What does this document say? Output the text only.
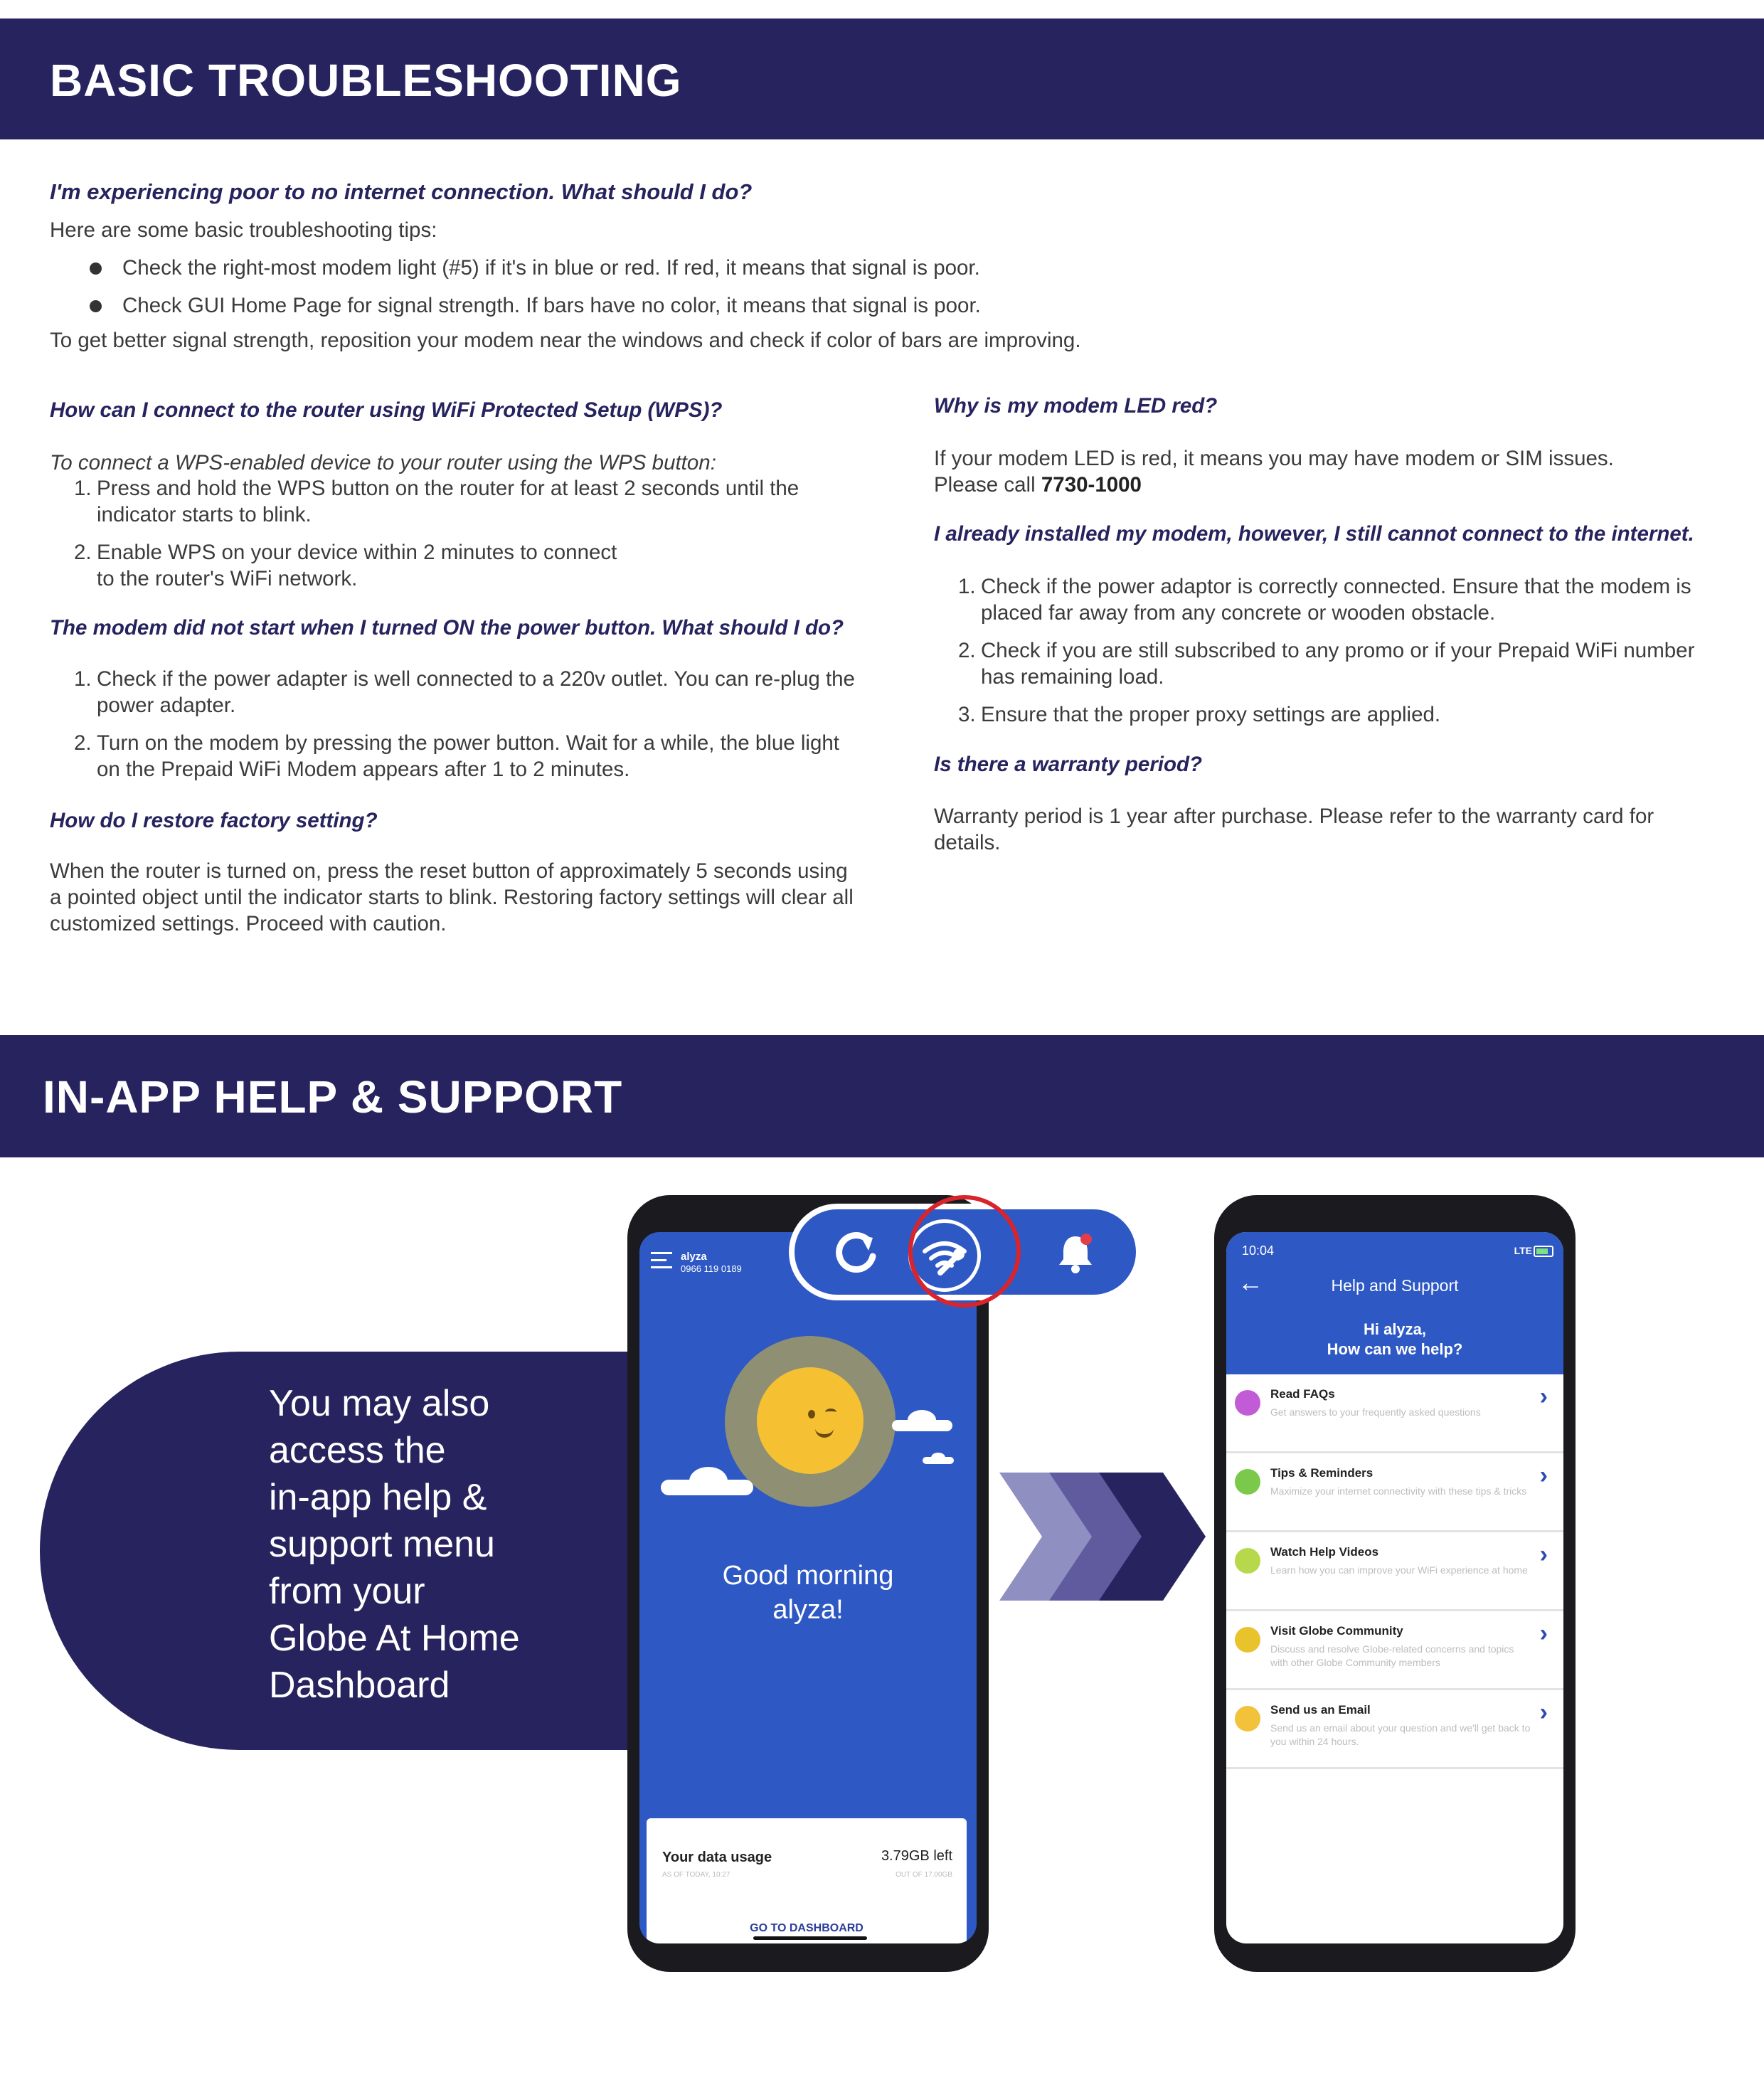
BASIC TROUBLESHOOTING

I'm experiencing poor to no internet connection. What should I do?

Here are some basic troubleshooting tips:

Check the right-most modem light (#5) if it's in blue or red. If red, it means that signal is poor.
Check GUI Home Page for signal strength. If bars have no color, it means that signal is poor.

To get better signal strength, reposition your modem near the windows and check if color of bars are improving.

How can I connect to the router using WiFi Protected Setup (WPS)?

To connect a WPS-enabled device to your router using the WPS button:

1. Press and hold the WPS button on the router for at least 2 seconds until the indicator starts to blink.
2. Enable WPS on your device within 2 minutes to connect to the router's WiFi network.

The modem did not start when I turned ON the power button. What should I do?

1. Check if the power adapter is well connected to a 220v outlet. You can re-plug the power adapter.
2. Turn on the modem by pressing the power button. Wait for a while, the blue light on the Prepaid WiFi Modem appears after 1 to 2 minutes.

How do I restore factory setting?

When the router is turned on, press the reset button of approximately 5 seconds using a pointed object until the indicator starts to blink. Restoring factory settings will clear all customized settings. Proceed with caution.

Why is my modem LED red?

If your modem LED is red, it means you may have modem or SIM issues.
Please call 7730-1000

I already installed my modem, however, I still cannot connect to the internet.

1. Check if the power adaptor is correctly connected. Ensure that the modem is placed far away from any concrete or wooden obstacle.
2. Check if you are still subscribed to any promo or if your Prepaid WiFi number has remaining load.
3. Ensure that the proper proxy settings are applied.

Is there a warranty period?

Warranty period is 1 year after purchase. Please refer to the warranty card for details.

IN-APP HELP & SUPPORT
You may also
access the
in-app help &
support menu
from your
Globe At Home
Dashboard
alyza
0966 119 0189
Good morning
alyza!
Your data usage
AS OF TODAY, 10:27
3.79GB left
OUT OF 17.00GB
GO TO DASHBOARD
10:04	LTE
←	Help and Support
Hi alyza,
How can we help?
Read FAQs
Get answers to your frequently asked questions
›
Tips & Reminders
Maximize your internet connectivity with these tips & tricks
›
Watch Help Videos
Learn how you can improve your WiFi experience at home
›
Visit Globe Community
Discuss and resolve Globe-related concerns and topics with other Globe Community members
›
Send us an Email
Send us an email about your question and we'll get back to you within 24 hours.
›
